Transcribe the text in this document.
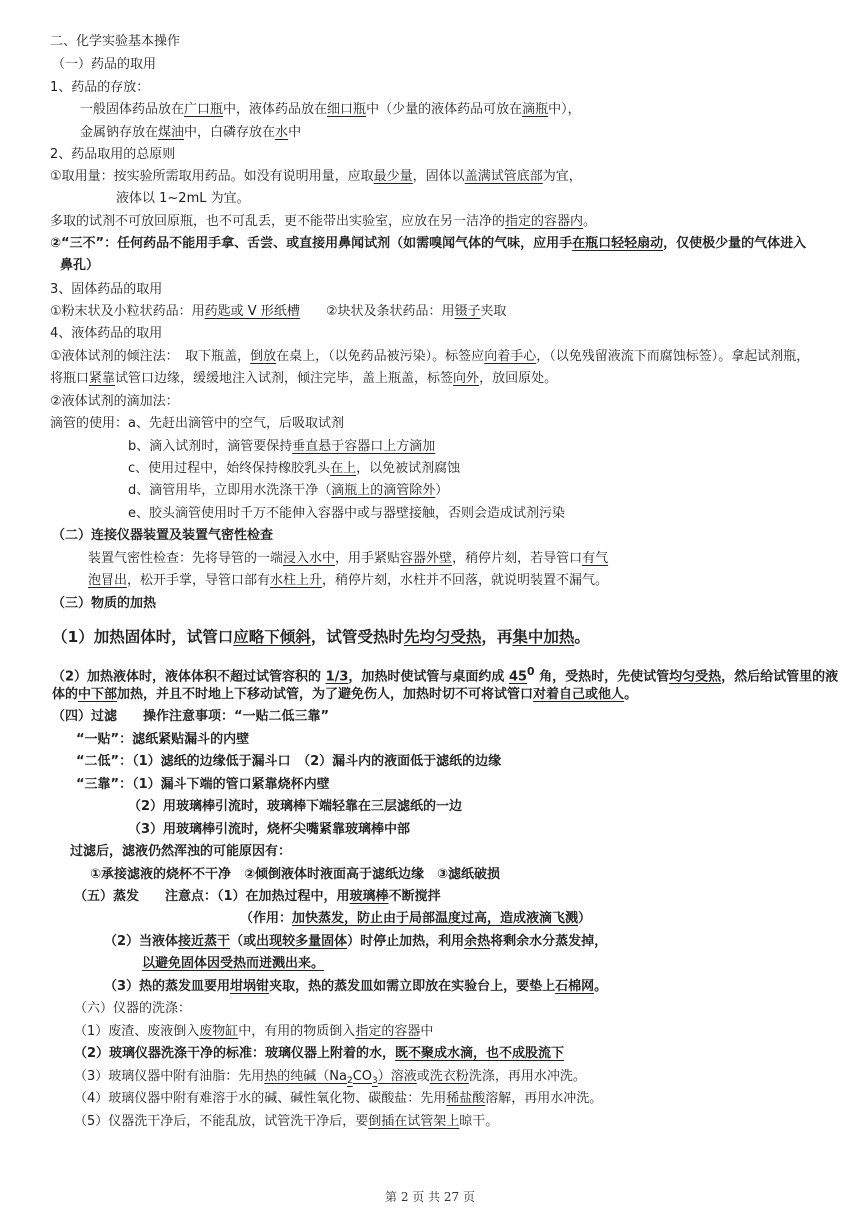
二、化学实验基本操作
（一）药品的取用
1、药品的存放：
一般固体药品放在广口瓶中，液体药品放在细口瓶中（少量的液体药品可放在滴瓶中），
金属钠存放在煤油中，白磷存放在水中
2、药品取用的总原则
①取用量：按实验所需取用药品。如没有说明用量，应取最少量，固体以盖满试管底部为宜，
液体以 1~2mL 为宜。
多取的试剂不可放回原瓶，也不可乱丢，更不能带出实验室，应放在另一洁净的指定的容器内。
②“三不”：任何药品不能用手拿、舌尝、或直接用鼻闻试剂（如需嗅闻气体的气味，应用手在瓶口轻轻扇动，仅使极少量的气体进入
鼻孔）
3、固体药品的取用
①粉末状及小粒状药品：用药匙或 V 形纸槽　　②块状及条状药品：用镊子夹取
4、液体药品的取用
①液体试剂的倾注法：　取下瓶盖，倒放在桌上，（以免药品被污染）。标签应向着手心，（以免残留液流下而腐蚀标签）。拿起试剂瓶，
将瓶口紧靠试管口边缘，缓缓地注入试剂，倾注完毕，盖上瓶盖，标签向外，放回原处。
②液体试剂的滴加法：
滴管的使用：a、先赶出滴管中的空气，后吸取试剂
b、滴入试剂时，滴管要保持垂直悬于容器口上方滴加
c、使用过程中，始终保持橡胶乳头在上，以免被试剂腐蚀
d、滴管用毕，立即用水洗涤干净（滴瓶上的滴管除外）
e、胶头滴管使用时千万不能伸入容器中或与器壁接触，否则会造成试剂污染
（二）连接仪器装置及装置气密性检查
装置气密性检查：先将导管的一端浸入水中，用手紧贴容器外壁，稍停片刻，若导管口有气
泡冒出，松开手掌，导管口部有水柱上升，稍停片刻，水柱并不回落，就说明装置不漏气。
（三）物质的加热
（1）加热固体时，试管口应略下倾斜，试管受热时先均匀受热，再集中加热。
（2）加热液体时，液体体积不超过试管容积的 1/3，加热时使试管与桌面约成 $45^0$ 角，受热时，先使试管均匀受热，然后给试管里的液
体的中下部加热，并且不时地上下移动试管，为了避免伤人，加热时切不可将试管口对着自己或他人。
（四）过滤　　操作注意事项：“一贴二低三靠”
“一贴”：滤纸紧贴漏斗的内壁
“二低”：（1）滤纸的边缘低于漏斗口　（2）漏斗内的液面低于滤纸的边缘
“三靠”：（1）漏斗下端的管口紧靠烧杯内壁
（2）用玻璃棒引流时，玻璃棒下端轻靠在三层滤纸的一边
（3）用玻璃棒引流时，烧杯尖嘴紧靠玻璃棒中部
过滤后，滤液仍然浑浊的可能原因有：
①承接滤液的烧杯不干净　②倾倒液体时液面高于滤纸边缘　③滤纸破损
（五）蒸发　　注意点：（1）在加热过程中，用玻璃棒不断搅拌
（作用：加快蒸发，防止由于局部温度过高，造成液滴飞溅）
（2）当液体接近蒸干（或出现较多量固体）时停止加热，利用余热将剩余水分蒸发掉，
以避免固体因受热而迸溅出来。
（3）热的蒸发皿要用坩埚钳夹取，热的蒸发皿如需立即放在实验台上，要垫上石棉网。
（六）仪器的洗涤：
（1）废渣、废液倒入废物缸中，有用的物质倒入指定的容器中
（2）玻璃仪器洗涤干净的标准：玻璃仪器上附着的水，既不聚成水滴，也不成股流下
（3）玻璃仪器中附有油脂：先用热的纯碱$(Na_2CO_3)$溶液或洗衣粉洗涤，再用水冲洗。
（4）玻璃仪器中附有难溶于水的碱、碱性氧化物、碳酸盐：先用稀盐酸溶解，再用水冲洗。
（5）仪器洗干净后，不能乱放，试管洗干净后，要倒插在试管架上晾干。
第 2 页 共 27 页
